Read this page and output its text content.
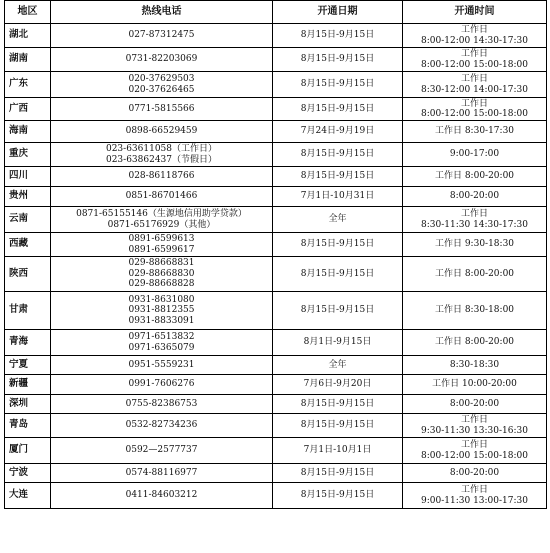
地区	热线电话	开通日期	开通时间
湖北	027-87312475	8月15日-9月15日	工作日
8:00-12:00 14:30-17:30
湖南	0731-82203069	8月15日-9月15日	工作日
8:00-12:00 15:00-18:00
广东	020-37629503
020-37626465	8月15日-9月15日	工作日
8:30-12:00 14:00-17:30
广西	0771-5815566	8月15日-9月15日	工作日
8:00-12:00 15:00-18:00
海南	0898-66529459	7月24日-9月19日	工作日 8:30-17:30
重庆	023-63611058（工作日）
023-63862437（节假日）	8月15日-9月15日	9:00-17:00
四川	028-86118766	8月15日-9月15日	工作日 8:00-20:00
贵州	0851-86701466	7月1日-10月31日	8:00-20:00
云南	0871-65155146（生源地信用助学贷款）
0871-65176929（其他）	全年	工作日
8:30-11:30 14:30-17:30
西藏	0891-6599613
0891-6599617	8月15日-9月15日	工作日 9:30-18:30
陕西	029-88668831
029-88668830
029-88668828	8月15日-9月15日	工作日 8:00-20:00
甘肃	0931-8631080
0931-8812355
0931-8833091	8月15日-9月15日	工作日 8:30-18:00
青海	0971-6513832
0971-6365079	8月1日-9月15日	工作日 8:00-20:00
宁夏	0951-5559231	全年	8:30-18:30
新疆	0991-7606276	7月6日-9月20日	工作日 10:00-20:00
深圳	0755-82386753	8月15日-9月15日	8:00-20:00
青岛	0532-82734236	8月15日-9月15日	工作日
9:30-11:30 13:30-16:30
厦门	0592—2577737	7月1日-10月1日	工作日
8:00-12:00 15:00-18:00
宁波	0574-88116977	8月15日-9月15日	8:00-20:00
大连	0411-84603212	8月15日-9月15日	工作日
9:00-11:30 13:00-17:30
